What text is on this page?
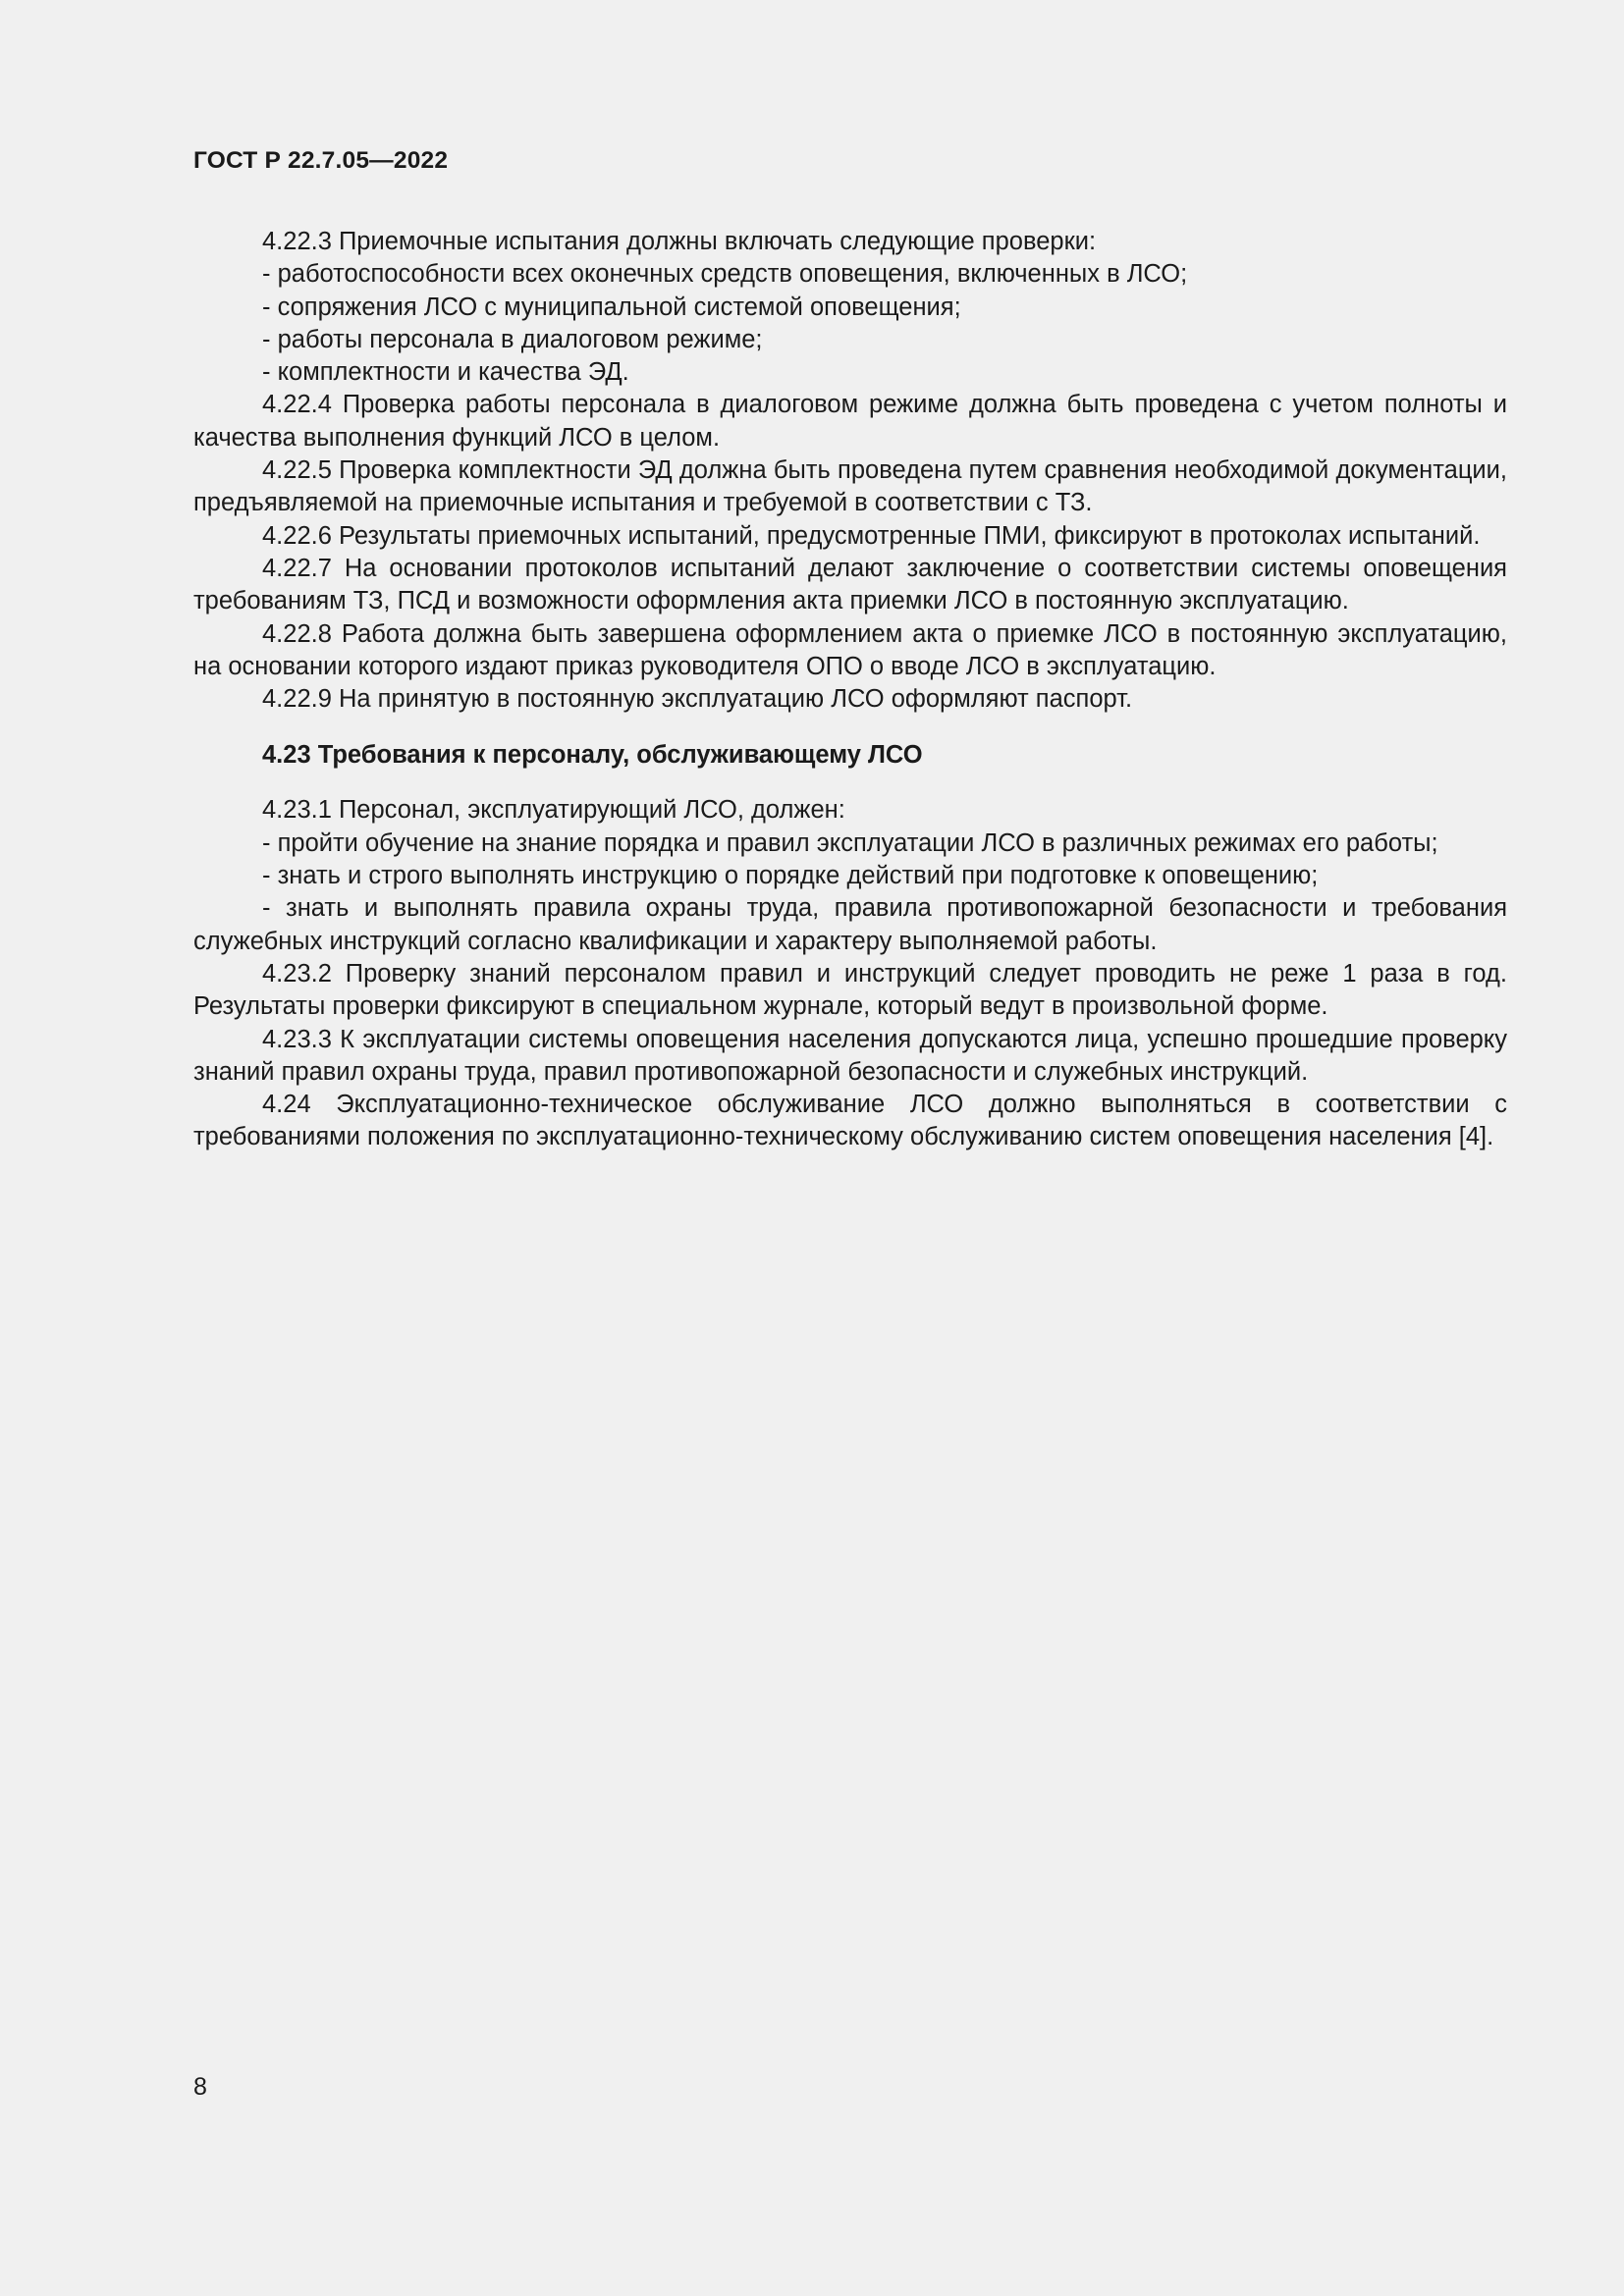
ГОСТ Р 22.7.05—2022

4.22.3 Приемочные испытания должны включать следующие проверки:

- работоспособности всех оконечных средств оповещения, включенных в ЛСО;

- сопряжения ЛСО с муниципальной системой оповещения;

- работы персонала в диалоговом режиме;

- комплектности и качества ЭД.

4.22.4 Проверка работы персонала в диалоговом режиме должна быть проведена с учетом полноты и качества выполнения функций ЛСО в целом.

4.22.5 Проверка комплектности ЭД должна быть проведена путем сравнения необходимой документации, предъявляемой на приемочные испытания и требуемой в соответствии с ТЗ.

4.22.6 Результаты приемочных испытаний, предусмотренные ПМИ, фиксируют в протоколах испытаний.

4.22.7 На основании протоколов испытаний делают заключение о соответствии системы оповещения требованиям ТЗ, ПСД и возможности оформления акта приемки ЛСО в постоянную эксплуатацию.

4.22.8 Работа должна быть завершена оформлением акта о приемке ЛСО в постоянную эксплуатацию, на основании которого издают приказ руководителя ОПО о вводе ЛСО в эксплуатацию.

4.22.9 На принятую в постоянную эксплуатацию ЛСО оформляют паспорт.

4.23 Требования к персоналу, обслуживающему ЛСО

4.23.1 Персонал, эксплуатирующий ЛСО, должен:

- пройти обучение на знание порядка и правил эксплуатации ЛСО в различных режимах его работы;

- знать и строго выполнять инструкцию о порядке действий при подготовке к оповещению;

- знать и выполнять правила охраны труда, правила противопожарной безопасности и требования служебных инструкций согласно квалификации и характеру выполняемой работы.

4.23.2 Проверку знаний персоналом правил и инструкций следует проводить не реже 1 раза в год. Результаты проверки фиксируют в специальном журнале, который ведут в произвольной форме.

4.23.3 К эксплуатации системы оповещения населения допускаются лица, успешно прошедшие проверку знаний правил охраны труда, правил противопожарной безопасности и служебных инструкций.

4.24 Эксплуатационно-техническое обслуживание ЛСО должно выполняться в соответствии с требованиями положения по эксплуатационно-техническому обслуживанию систем оповещения населения [4].

8
